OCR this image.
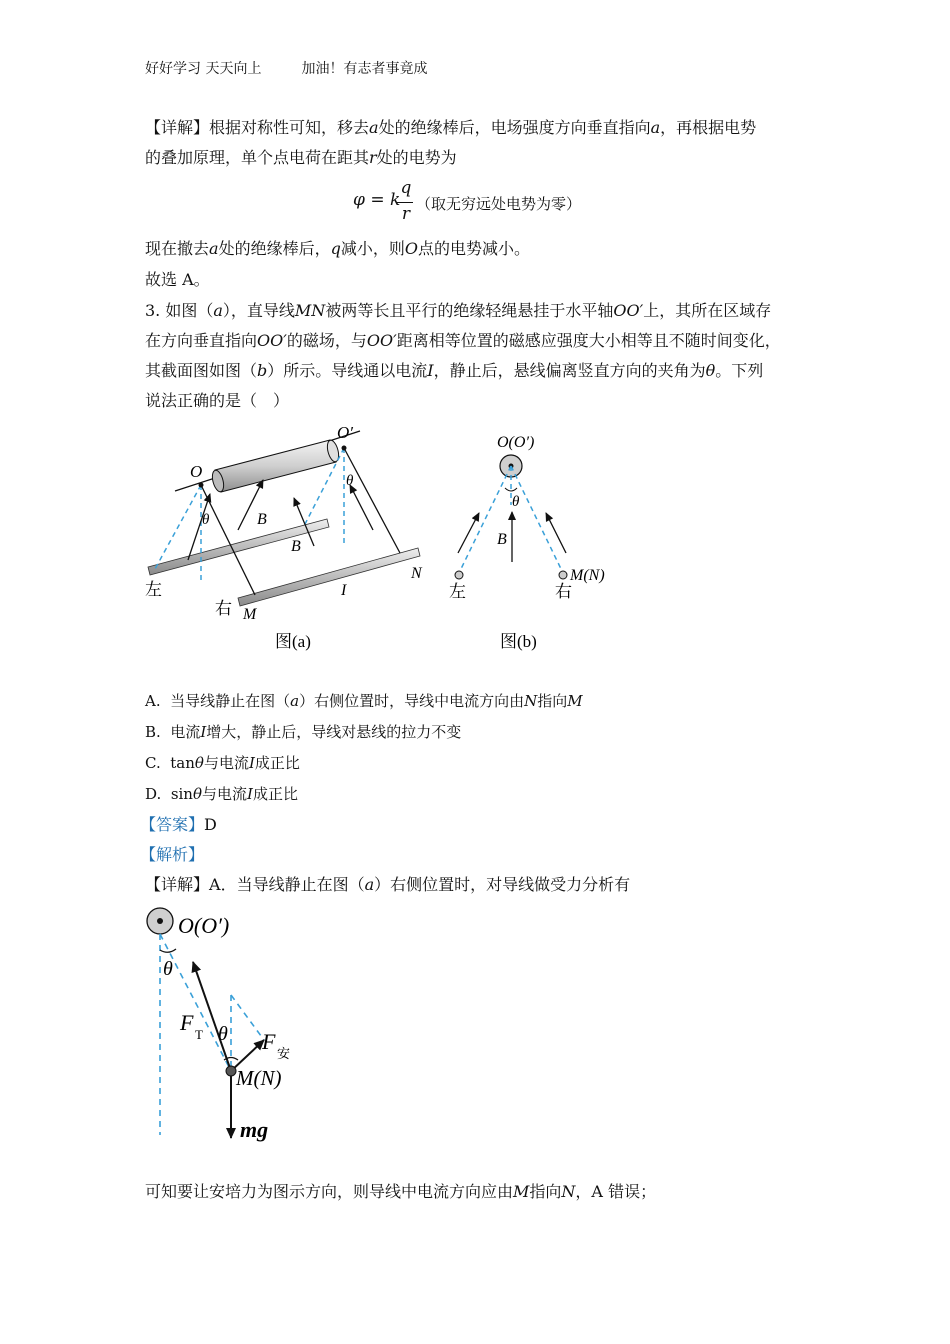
好好学习 天天向上	加油！有志者事竟成
【详解】根据对称性可知，移去a处的绝缘棒后，电场强度方向垂直指向a，再根据电势
的叠加原理，单个点电荷在距其r处的电势为
φ = k
q
r （取无穷远处电势为零）
现在撤去a处的绝缘棒后，q减小，则O点的电势减小。
故选 A。
3. 如图（a），直导线MN被两等长且平行的绝缘轻绳悬挂于水平轴OO′上，其所在区域存
在方向垂直指向OO′的磁场，与OO′距离相等位置的磁感应强度大小相等且不随时间变化，
其截面图如图（b）所示。导线通以电流I，静止后，悬线偏离竖直方向的夹角为θ。下列
说法正确的是（　）
O
O′
θ
θ
B
B
左
右 M
N
I
图(a)
O(O′)
θ
B
M(N)
左	右
图(b)
A. 当导线静止在图（a）右侧位置时，导线中电流方向由N指向M
B. 电流I增大，静止后，导线对悬线的拉力不变
C. tanθ与电流I成正比
D. sinθ与电流I成正比
【答案】D
【解析】
【详解】A．当导线静止在图（a）右侧位置时，对导线做受力分析有
O(O′)
θ
θ
F T	F 安
M(N)
mg
可知要让安培力为图示方向，则导线中电流方向应由M指向N，A 错误；
